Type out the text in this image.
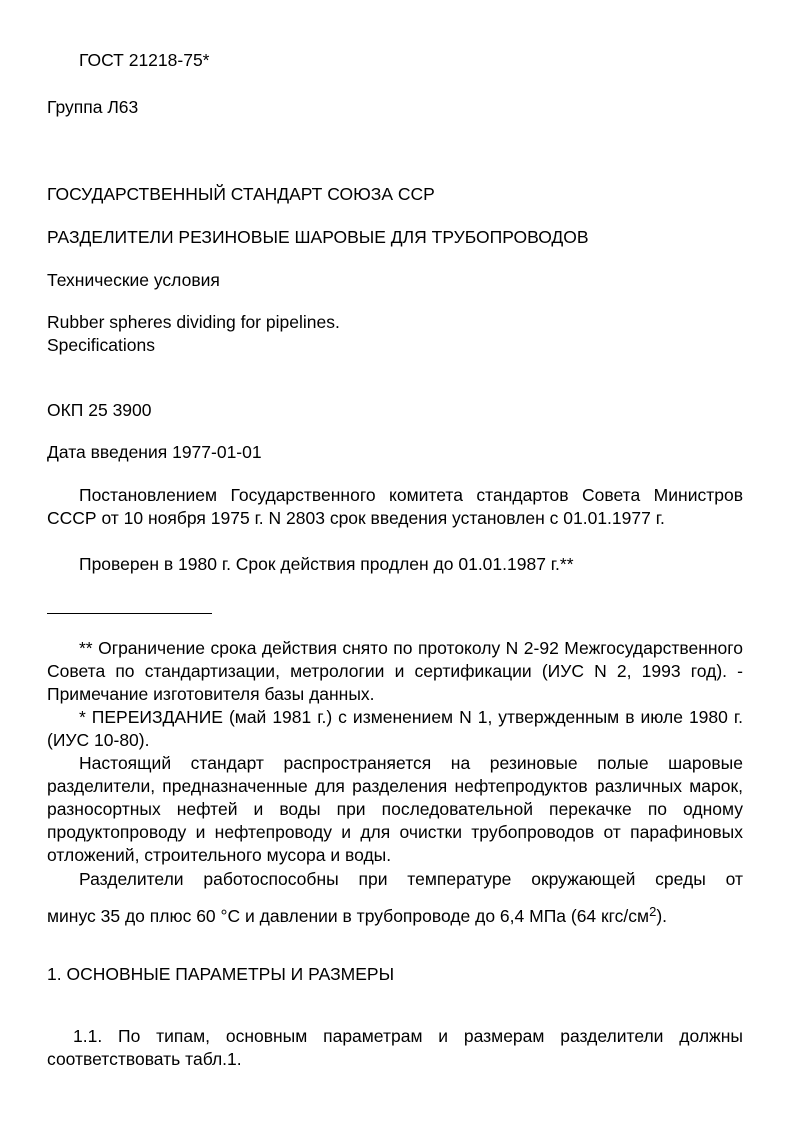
ГОСТ 21218-75*

Группа Л63

ГОСУДАРСТВЕННЫЙ СТАНДАРТ СОЮЗА ССР

РАЗДЕЛИТЕЛИ РЕЗИНОВЫЕ ШАРОВЫЕ ДЛЯ ТРУБОПРОВОДОВ

Технические условия

Rubber spheres dividing for pipelines.

Specifications

ОКП 25 3900

Дата введения 1977-01-01

Постановлением Государственного комитета стандартов Совета Министров СССР от 10 ноября 1975 г. N 2803 срок введения установлен с 01.01.1977 г.

Проверен в 1980 г. Срок действия продлен до 01.01.1987 г.**

** Ограничение срока действия снято по протоколу N 2-92 Межгосударственного Совета по стандартизации, метрологии и сертификации (ИУС N 2, 1993 год). - Примечание изготовителя базы данных.

* ПЕРЕИЗДАНИЕ (май 1981 г.) с изменением N 1, утвержденным в июле 1980 г. (ИУС 10-80).

Настоящий стандарт распространяется на резиновые полые шаровые разделители, предназначенные для разделения нефтепродуктов различных марок, разносортных нефтей и воды при последовательной перекачке по одному продуктопроводу и нефтепроводу и для очистки трубопроводов от парафиновых отложений, строительного мусора и воды.

Разделители работоспособны при температуре окружающей среды от

минус 35 до плюс 60 °С и давлении в трубопроводе до 6,4 МПа (64 кгс/$см^2$).

1. ОСНОВНЫЕ ПАРАМЕТРЫ И РАЗМЕРЫ

1.1. По типам, основным параметрам и размерам разделители должны соответствовать табл.1.
